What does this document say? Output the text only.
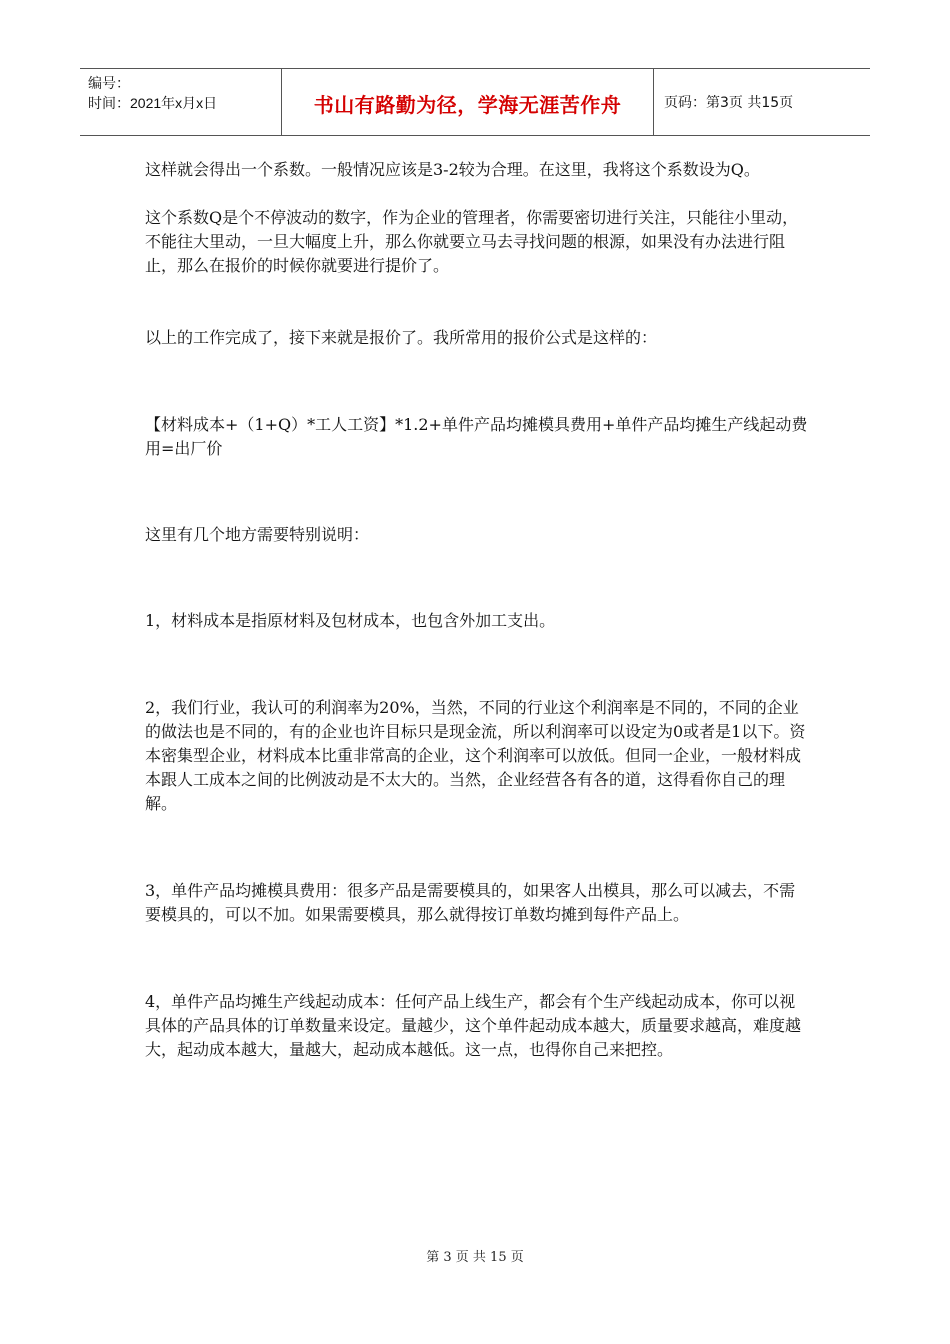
编号：
时间：2021年x月x日	书山有路勤为径，学海无涯苦作舟	页码：第3页 共15页

这样就会得出一个系数。一般情况应该是3-2较为合理。在这里，我将这个系数设为Q。

这个系数Q是个不停波动的数字，作为企业的管理者，你需要密切进行关注，只能往小里动，不能往大里动，一旦大幅度上升，那么你就要立马去寻找问题的根源，如果没有办法进行阻止，那么在报价的时候你就要进行提价了。

以上的工作完成了，接下来就是报价了。我所常用的报价公式是这样的：

【材料成本+（1+Q）*工人工资】*1.2+单件产品均摊模具费用+单件产品均摊生产线起动费用=出厂价

这里有几个地方需要特别说明：

1，材料成本是指原材料及包材成本，也包含外加工支出。

2，我们行业，我认可的利润率为20%，当然，不同的行业这个利润率是不同的，不同的企业的做法也是不同的，有的企业也许目标只是现金流，所以利润率可以设定为0或者是1以下。资本密集型企业，材料成本比重非常高的企业，这个利润率可以放低。但同一企业，一般材料成本跟人工成本之间的比例波动是不太大的。当然，企业经营各有各的道，这得看你自己的理解。

3，单件产品均摊模具费用：很多产品是需要模具的，如果客人出模具，那么可以减去，不需要模具的，可以不加。如果需要模具，那么就得按订单数均摊到每件产品上。

4，单件产品均摊生产线起动成本：任何产品上线生产，都会有个生产线起动成本，你可以视具体的产品具体的订单数量来设定。量越少，这个单件起动成本越大，质量要求越高，难度越大，起动成本越大，量越大，起动成本越低。这一点，也得你自己来把控。

第 3 页 共 15 页
